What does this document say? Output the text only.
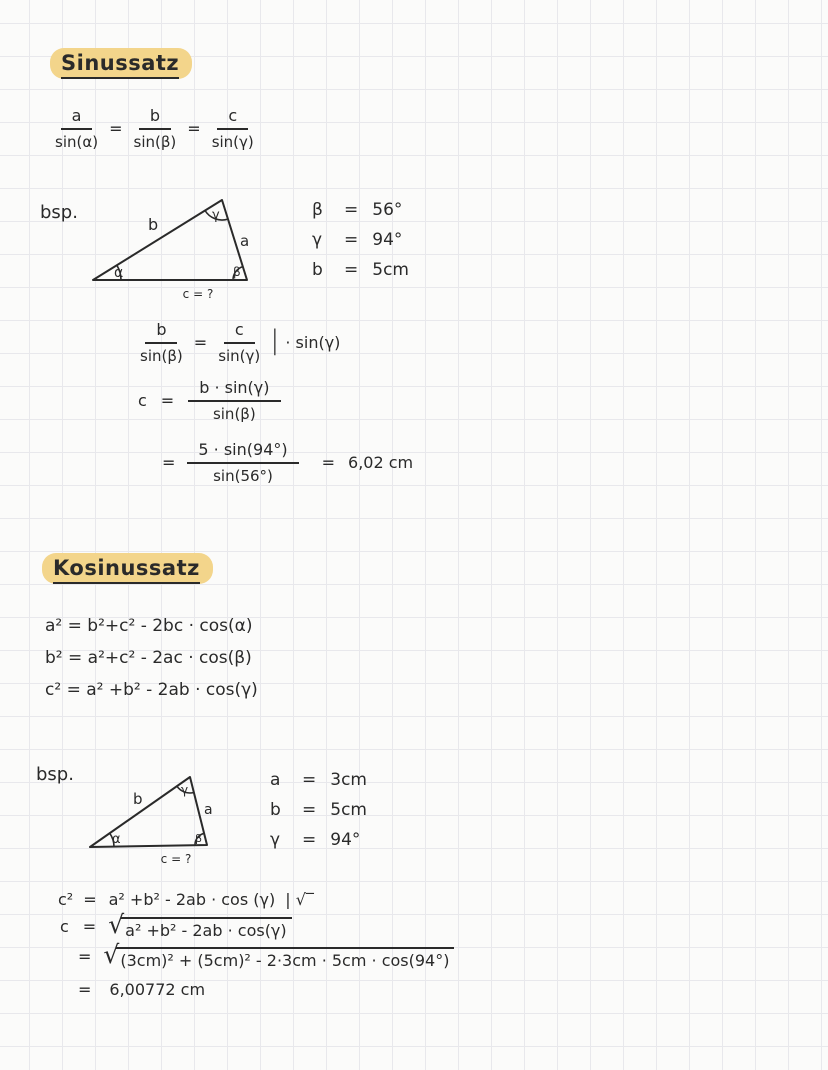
Sinussatz
$\frac{a}{\sin(\alpha)} = \frac{b}{\sin(\beta)} = \frac{c}{\sin(\gamma)}$
bsp.
b
a
γ
α	β
c = ?
β	= 56°
γ	= 94°
b	= 5cm
$\frac{b}{\sin(\beta)} = \frac{c}{\sin(\gamma)}$ | · sin(γ)
$c = \frac{b \cdot \sin(\gamma)}{\sin(\beta)}$
= $\frac{5 \cdot \sin(94^\circ)}{\sin(56^\circ)} = 6,02$ cm
Kosinussatz
a² = b²+c² - 2bc · cos(α)
b² = a²+c² - 2ac · cos(β)
c² = a² +b² - 2ab · cos(γ)
bsp.
b
a
γ
α	β
c = ?
a	= 3cm
b	= 5cm
γ	= 94°
c² = a² +b² - 2ab · cos (γ) | √‾
c = √ a² +b² - 2ab · cos(γ)
= √ (3cm)² + (5cm)² - 2·3cm · 5cm · cos(94°)
= 6,00772 cm
